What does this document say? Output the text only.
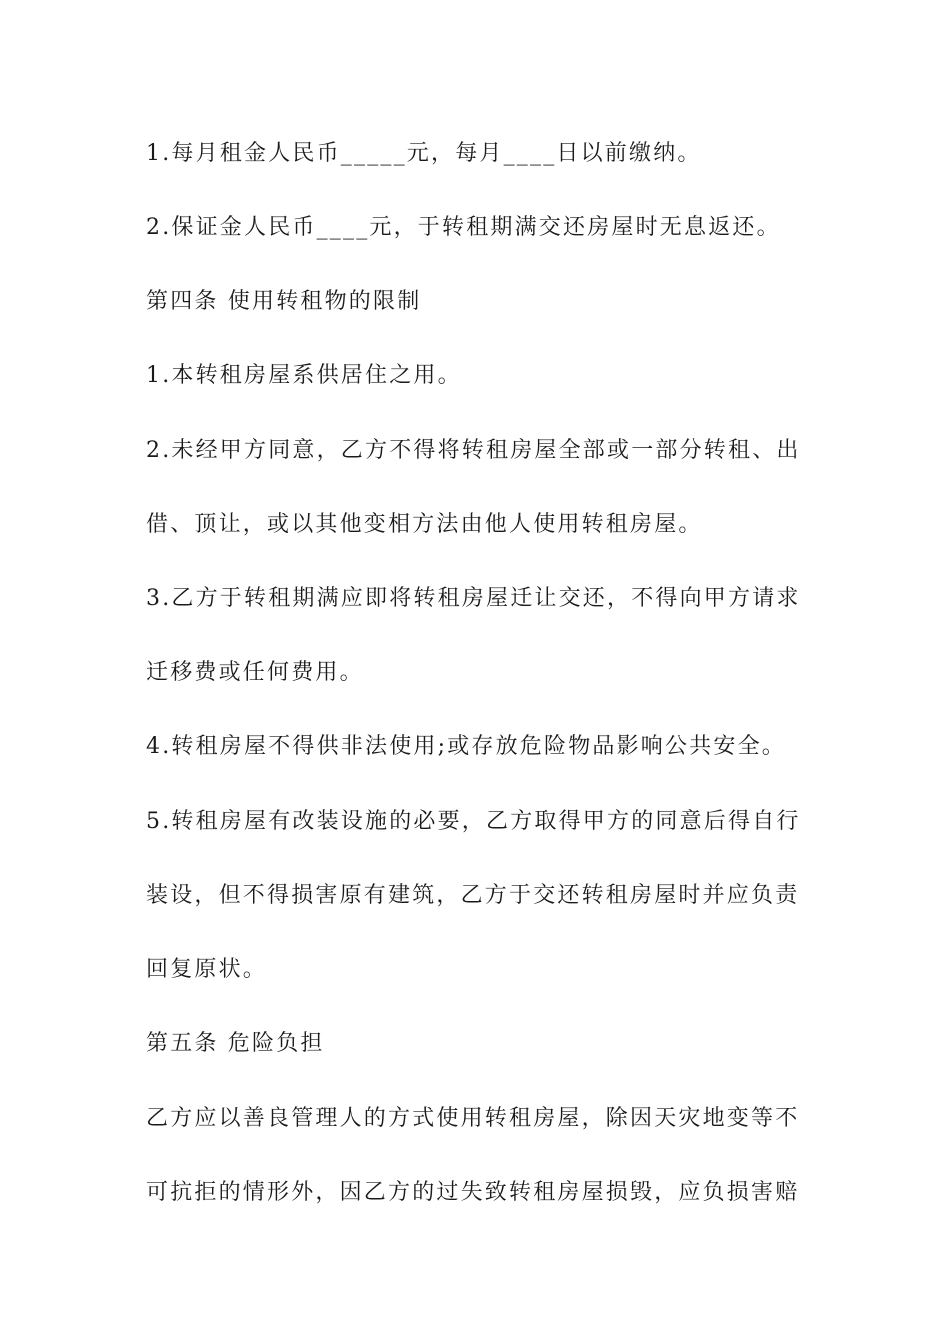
1.每月租金人民币_____元，每月____日以前缴纳。
2.保证金人民币____元，于转租期满交还房屋时无息返还。
第四条 使用转租物的限制
1.本转租房屋系供居住之用。
2.未经甲方同意，乙方不得将转租房屋全部或一部分转租、出
借、顶让，或以其他变相方法由他人使用转租房屋。
3.乙方于转租期满应即将转租房屋迁让交还，不得向甲方请求
迁移费或任何费用。
4.转租房屋不得供非法使用;或存放危险物品影响公共安全。
5.转租房屋有改装设施的必要，乙方取得甲方的同意后得自行
装设，但不得损害原有建筑，乙方于交还转租房屋时并应负责
回复原状。
第五条 危险负担
乙方应以善良管理人的方式使用转租房屋，除因天灾地变等不
可抗拒的情形外，因乙方的过失致转租房屋损毁，应负损害赔
